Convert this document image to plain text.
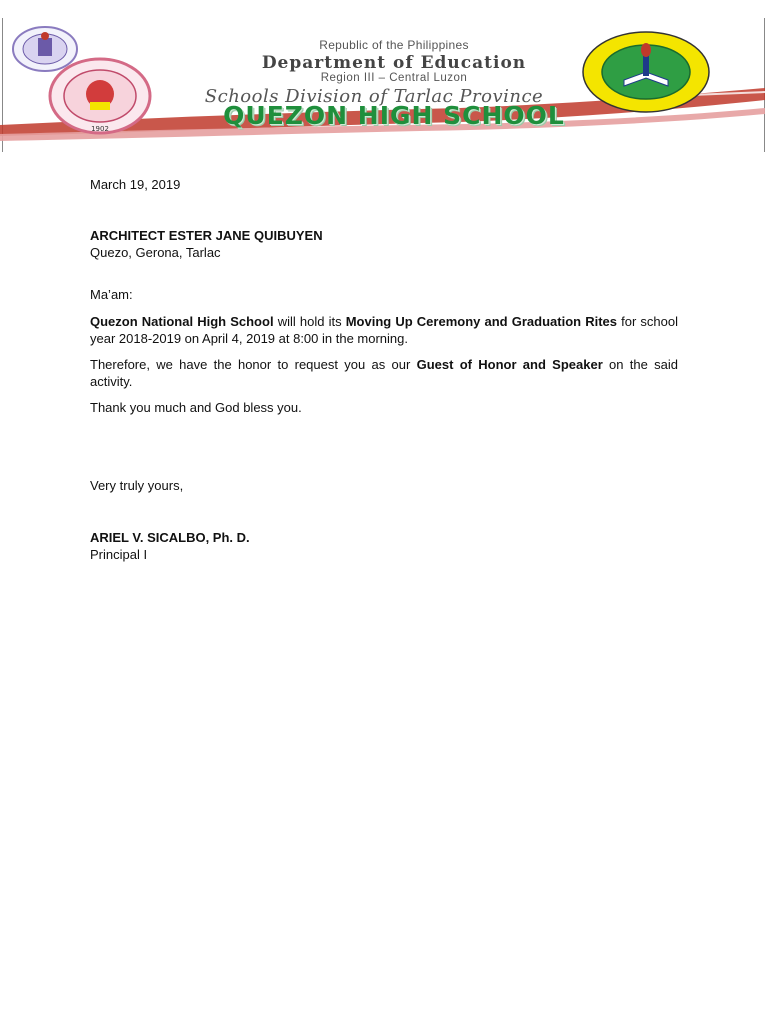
1902
Republic of the Philippines
Department of Education
Region III – Central Luzon
Schools Division of Tarlac Province
QUEZON HIGH SCHOOL

March 19, 2019

ARCHITECT ESTER JANE QUIBUYEN

Quezo, Gerona, Tarlac

Ma’am:

Quezon National High School will hold its Moving Up Ceremony and Graduation Rites for school year 2018-2019 on April 4, 2019 at 8:00 in the morning.

Therefore, we have the honor to request you as our Guest of Honor and Speaker on the said activity.

Thank you much and God bless you.

Very truly yours,

ARIEL V. SICALBO, Ph. D.

Principal I
